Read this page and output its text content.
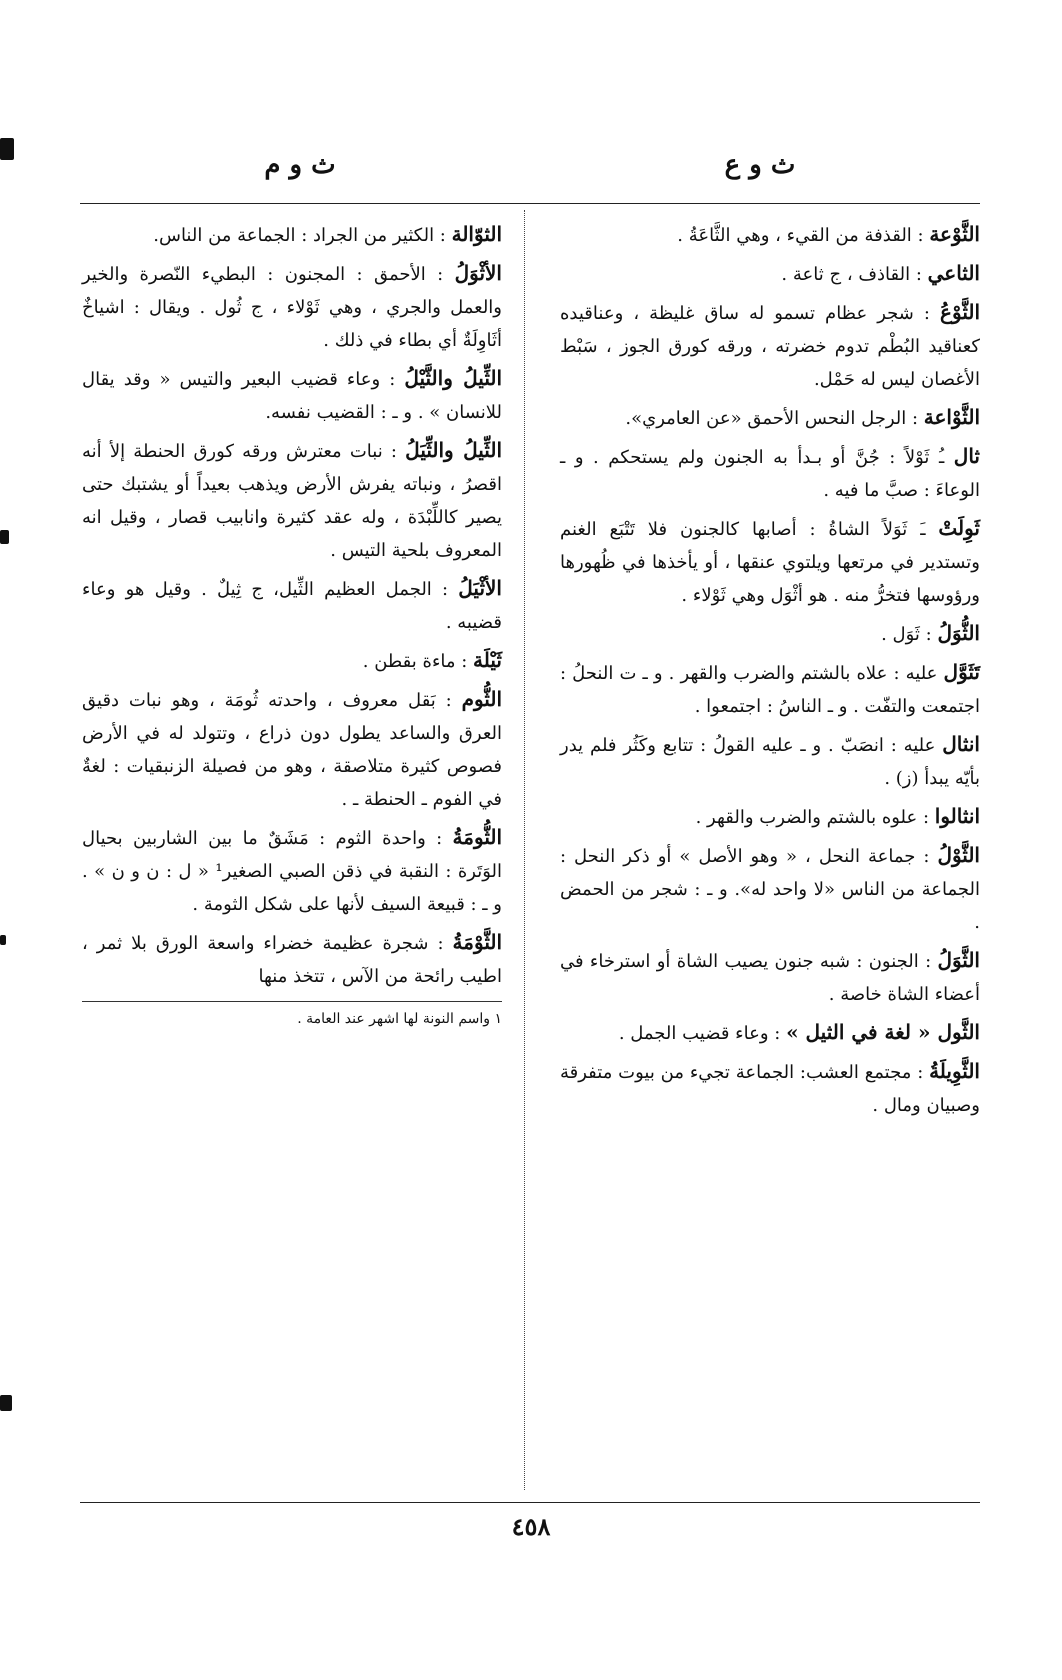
ث و ع
ث و م

الثَّوْعة : القذفة من القيء ، وهي الثَّاعَةُ .

الثاعي : القاذف ، ج ثاعة .

الثَّوْعُ : شجر عظام تسمو له ساق غليظة ، وعناقيده كعناقيد البُطْم تدوم خضرته ، ورقه كورق الجوز ، سَبْط الأغصان ليس له حَمْل.

الثَّوْاعة : الرجل النحس الأحمق «عن العامري».

ثال ـُ ثَوْلاً : جُنَّ أو بـدأ به الجنون ولم يستحكم . و ـ الوعاءَ : صبَّ ما فيه .

ثَوِلَتْ ـَ ثَوَلاً الشاةُ : أصابها كالجنون فلا تَتْبَع الغنم وتستدير في مرتعها ويلتوي عنقها ، أو يأخذها في ظُهورها ورؤوسها فتخرُّ منه . هو أثْوَل وهي ثَوْلاء .

الثُّوَلُ : ثَوَل .

تَثَوَّل عليه : علاه بالشتم والضرب والقهر . و ـ ت النحلُ : اجتمعت والتفّت . و ـ الناسُ : اجتمعوا .

انثال عليه : انصَبّ . و ـ عليه القولُ : تتابع وكَثُر فلم يدر بأيّه يبدأ (ز) .

انثالوا : علوه بالشتم والضرب والقهر .

الثَّوْلُ : جماعة النحل ، « وهو الأصل » أو ذكر النحل : الجماعة من الناس «لا واحد له». و ـ : شجر من الحمض .

الثَّوَلُ : الجنون : شبه جنون يصيب الشاة أو استرخاء في أعضاء الشاة خاصة .

الثَّول « لغة في الثيل » : وعاء قضيب الجمل .

الثَّوِيلَةُ : مجتمع العشب: الجماعة تجيء من بيوت متفرقة وصبيان ومال .

الثوّالة : الكثير من الجراد : الجماعة من الناس.

الأثْوَلُ : الأحمق : المجنون : البطيء النّصرة والخير والعمل والجري ، وهي ثَوْلاء ، ج ثُول . ويقال : اشياخٌ أثَاوِلَةٌ أي بطاء في ذلك .

الثِّيلُ والثَّيْلُ : وعاء قضيب البعير والتيس « وقد يقال للانسان » . و ـ : القضيب نفسه.

الثِّيلُ والثِّيَلُ : نبات معترش ورقه كورق الحنطة إلأ أنه اقصرُ ، ونباته يفرش الأرض ويذهب بعيداً أو يشتبك حتى يصير كاللِّبْدَة ، وله عقد كثيرة وانابيب قصار ، وقيل انه المعروف بلحية التيس .

الأثْيَلُ : الجمل العظيم الثِّيل، ج ثِيلٌ . وقيل هو وعاء قضيبه .

ثَيْلَة : ماءة بقطن .

الثُّوم : بَقل معروف ، واحدته ثُومَة ، وهو نبات دقيق العرق والساعد يطول دون ذراع ، وتتولد له في الأرض فصوص كثيرة متلاصقة ، وهو من فصيلة الزنبقيات : لغةٌ في الفوم ـ الحنطة ـ .

الثُّومَةُ : واحدة الثوم : مَشَقٌ ما بين الشاربين بحيال الوَتَرة : النقبة في ذقن الصبي الصغير¹ « ل : ن و ن » . و ـ : قبيعة السيف لأنها على شكل الثومة .

الثَّوْمَةُ : شجرة عظيمة خضراء واسعة الورق بلا ثمر ، اطيب رائحة من الآس ، تتخذ منها

١ واسم النونة لها اشهر عند العامة .
٤٥٨
